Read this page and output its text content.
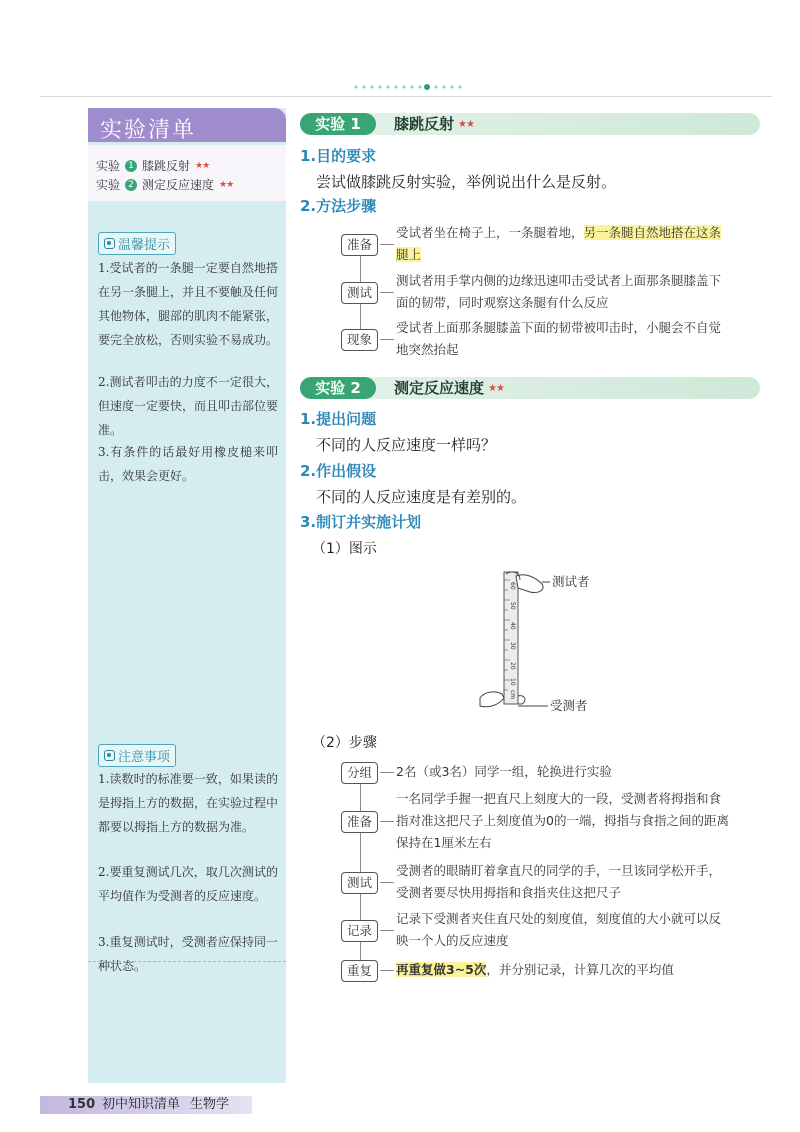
实验清单
实验 1 膝跳反射 ★★
实验 2 测定反应速度 ★★
温馨提示
1.受试者的一条腿一定要自然地搭在另一条腿上，并且不要触及任何其他物体，腿部的肌肉不能紧张，要完全放松，否则实验不易成功。
2.测试者叩击的力度不一定很大，但速度一定要快，而且叩击部位要准。
3.有条件的话最好用橡皮槌来叩击，效果会更好。
注意事项
1.读数时的标准要一致，如果读的是拇指上方的数据，在实验过程中都要以拇指上方的数据为准。
2.要重复测试几次，取几次测试的平均值作为受测者的反应速度。
3.重复测试时，受测者应保持同一种状态。
实验 1	膝跳反射 ★★
1.目的要求
尝试做膝跳反射实验，举例说出什么是反射。
2.方法步骤
准备
受试者坐在椅子上，一条腿着地，另一条腿自然地搭在这条腿上
测试
测试者用手掌内侧的边缘迅速叩击受试者上面那条腿膝盖下面的韧带，同时观察这条腿有什么反应
现象
受试者上面那条腿膝盖下面的韧带被叩击时，小腿会不自觉地突然抬起
实验 2	测定反应速度 ★★
1.提出问题
不同的人反应速度一样吗？
2.作出假设
不同的人反应速度是有差别的。
3.制订并实施计划
（1）图示
60
50
40
30
20
10
cm
测试者
受测者
（2）步骤
分组	2名（或3名）同学一组，轮换进行实验
准备
一名同学手握一把直尺上刻度大的一段，受测者将拇指和食指对准这把尺子上刻度值为0的一端，拇指与食指之间的距离保持在1厘米左右
测试
受测者的眼睛盯着拿直尺的同学的手，一旦该同学松开手，受测者要尽快用拇指和食指夹住这把尺子
记录
记录下受测者夹住直尺处的刻度值，刻度值的大小就可以反映一个人的反应速度
重复	再重复做3~5次，并分别记录，计算几次的平均值
150 初中知识清单 生物学
